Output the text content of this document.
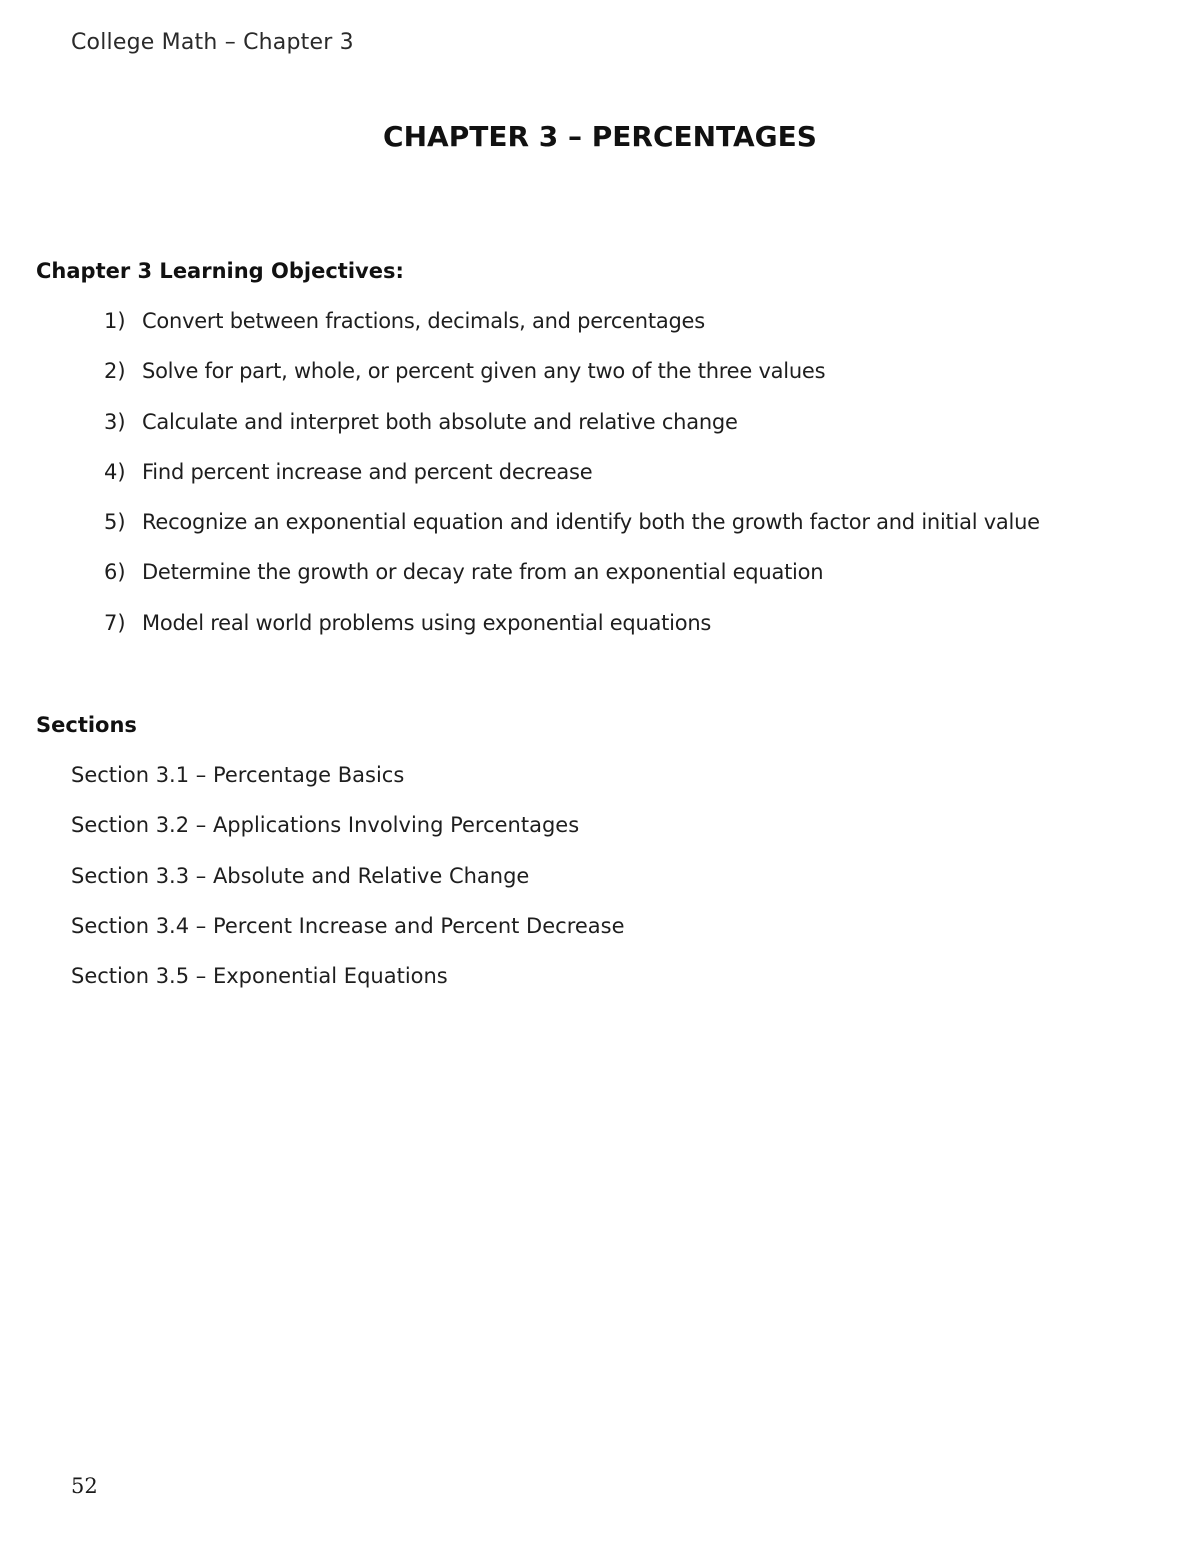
College Math – Chapter 3
CHAPTER 3 – PERCENTAGES
Chapter 3 Learning Objectives:
1) Convert between fractions, decimals, and percentages
2) Solve for part, whole, or percent given any two of the three values
3) Calculate and interpret both absolute and relative change
4) Find percent increase and percent decrease
5) Recognize an exponential equation and identify both the growth factor and initial value
6) Determine the growth or decay rate from an exponential equation
7) Model real world problems using exponential equations
Sections
Section 3.1 – Percentage Basics
Section 3.2 – Applications Involving Percentages
Section 3.3 – Absolute and Relative Change
Section 3.4 – Percent Increase and Percent Decrease
Section 3.5 – Exponential Equations
52
